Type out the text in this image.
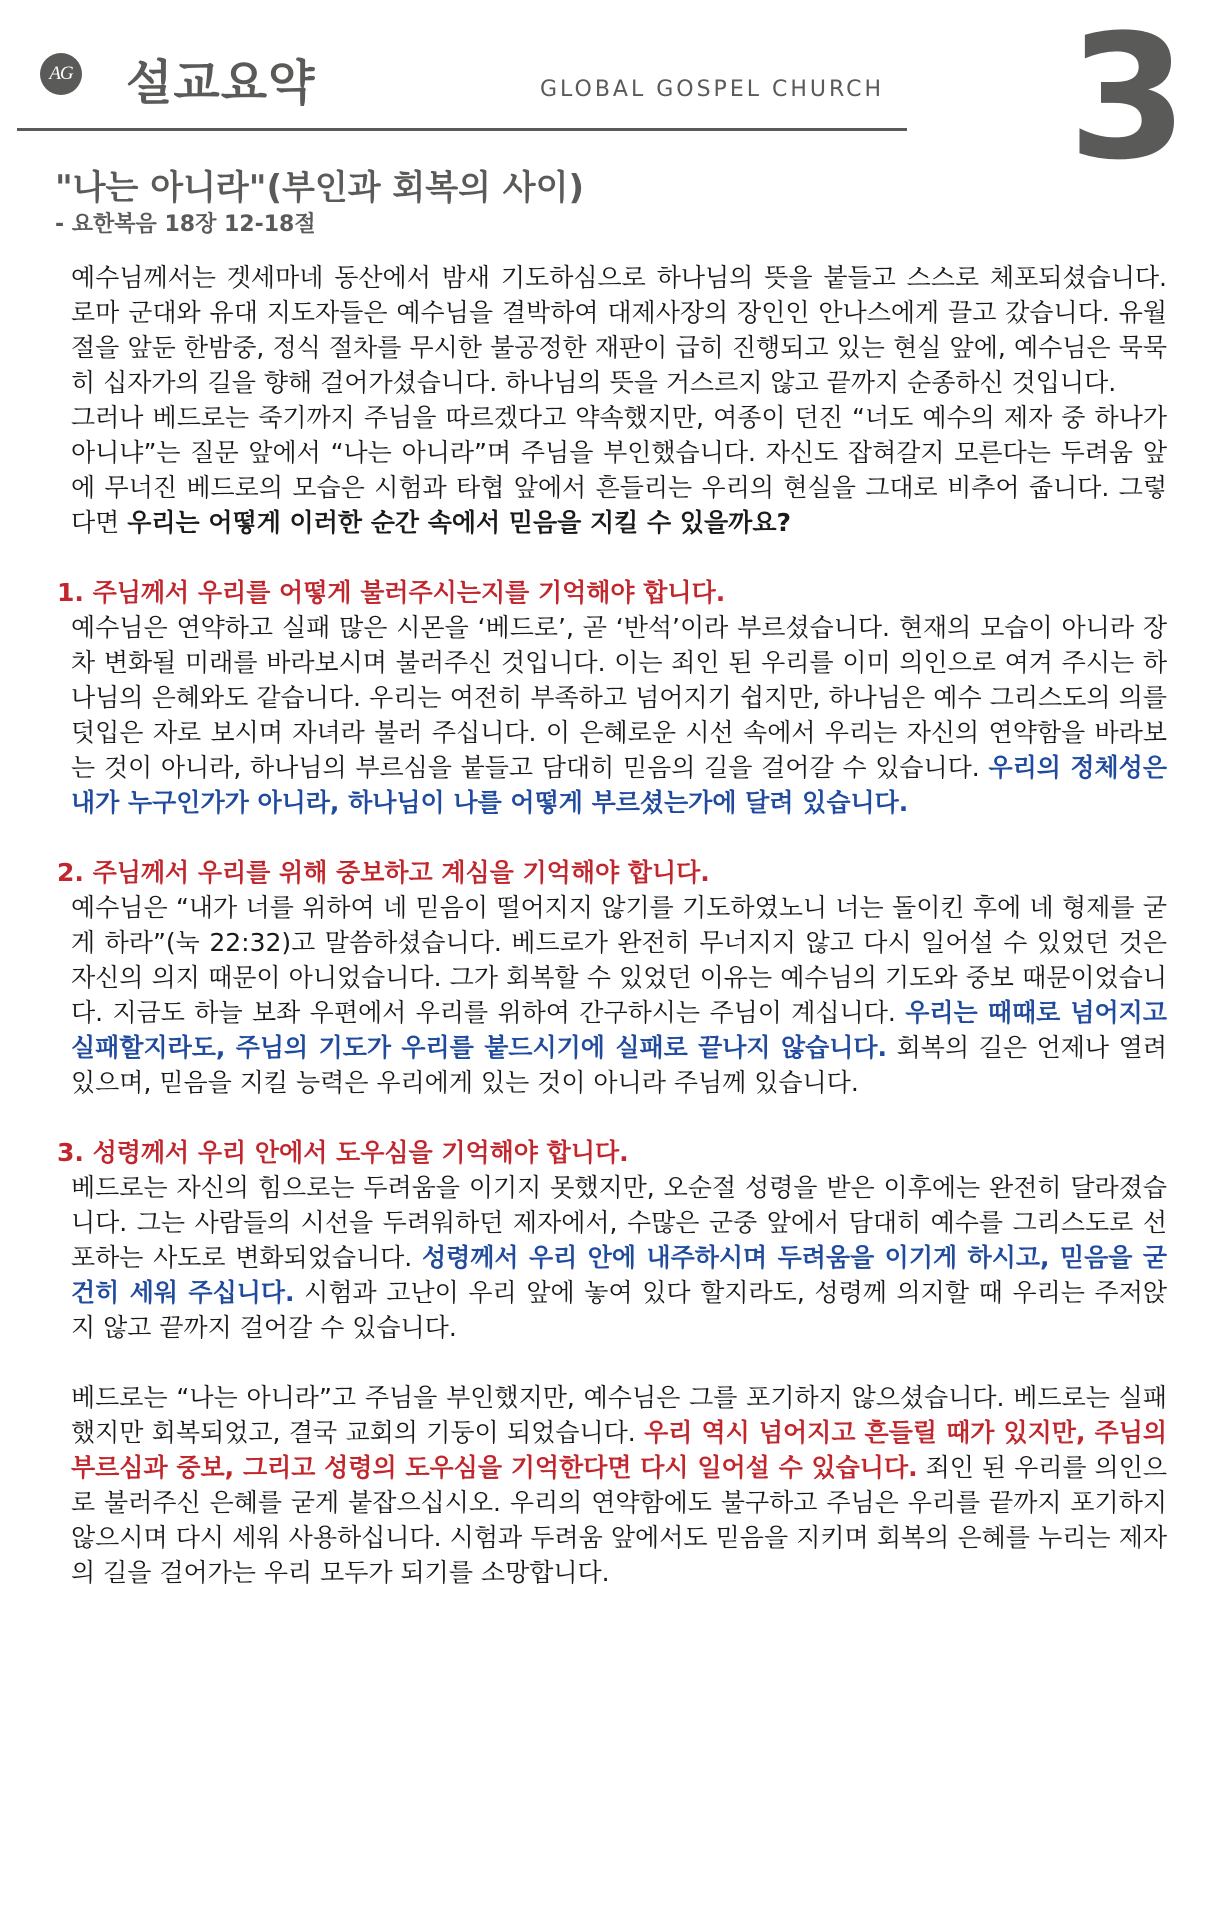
AG 설교요약	GLOBAL GOSPEL CHURCH 3
"나는 아니라"(부인과 회복의 사이)
- 요한복음 18장 12-18절

예수님께서는 겟세마네 동산에서 밤새 기도하심으로 하나님의 뜻을 붙들고 스스로 체포되셨습니다. 로마 군대와 유대 지도자들은 예수님을 결박하여 대제사장의 장인인 안나스에게 끌고 갔습니다. 유월절을 앞둔 한밤중, 정식 절차를 무시한 불공정한 재판이 급히 진행되고 있는 현실 앞에, 예수님은 묵묵히 십자가의 길을 향해 걸어가셨습니다. 하나님의 뜻을 거스르지 않고 끝까지 순종하신 것입니다.

그러나 베드로는 죽기까지 주님을 따르겠다고 약속했지만, 여종이 던진 “너도 예수의 제자 중 하나가 아니냐”는 질문 앞에서 “나는 아니라”며 주님을 부인했습니다. 자신도 잡혀갈지 모른다는 두려움 앞에 무너진 베드로의 모습은 시험과 타협 앞에서 흔들리는 우리의 현실을 그대로 비추어 줍니다. 그렇다면 우리는 어떻게 이러한 순간 속에서 믿음을 지킬 수 있을까요?

1. 주님께서 우리를 어떻게 불러주시는지를 기억해야 합니다.

예수님은 연약하고 실패 많은 시몬을 ‘베드로’, 곧 ‘반석’이라 부르셨습니다. 현재의 모습이 아니라 장차 변화될 미래를 바라보시며 불러주신 것입니다. 이는 죄인 된 우리를 이미 의인으로 여겨 주시는 하나님의 은혜와도 같습니다. 우리는 여전히 부족하고 넘어지기 쉽지만, 하나님은 예수 그리스도의 의를 덧입은 자로 보시며 자녀라 불러 주십니다. 이 은혜로운 시선 속에서 우리는 자신의 연약함을 바라보는 것이 아니라, 하나님의 부르심을 붙들고 담대히 믿음의 길을 걸어갈 수 있습니다. 우리의 정체성은 내가 누구인가가 아니라, 하나님이 나를 어떻게 부르셨는가에 달려 있습니다.

2. 주님께서 우리를 위해 중보하고 계심을 기억해야 합니다.

예수님은 “내가 너를 위하여 네 믿음이 떨어지지 않기를 기도하였노니 너는 돌이킨 후에 네 형제를 굳게 하라”(눅 22:32)고 말씀하셨습니다. 베드로가 완전히 무너지지 않고 다시 일어설 수 있었던 것은 자신의 의지 때문이 아니었습니다. 그가 회복할 수 있었던 이유는 예수님의 기도와 중보 때문이었습니다. 지금도 하늘 보좌 우편에서 우리를 위하여 간구하시는 주님이 계십니다. 우리는 때때로 넘어지고 실패할지라도, 주님의 기도가 우리를 붙드시기에 실패로 끝나지 않습니다. 회복의 길은 언제나 열려 있으며, 믿음을 지킬 능력은 우리에게 있는 것이 아니라 주님께 있습니다.

3. 성령께서 우리 안에서 도우심을 기억해야 합니다.

베드로는 자신의 힘으로는 두려움을 이기지 못했지만, 오순절 성령을 받은 이후에는 완전히 달라졌습니다. 그는 사람들의 시선을 두려워하던 제자에서, 수많은 군중 앞에서 담대히 예수를 그리스도로 선포하는 사도로 변화되었습니다. 성령께서 우리 안에 내주하시며 두려움을 이기게 하시고, 믿음을 굳건히 세워 주십니다. 시험과 고난이 우리 앞에 놓여 있다 할지라도, 성령께 의지할 때 우리는 주저앉지 않고 끝까지 걸어갈 수 있습니다.

베드로는 “나는 아니라”고 주님을 부인했지만, 예수님은 그를 포기하지 않으셨습니다. 베드로는 실패했지만 회복되었고, 결국 교회의 기둥이 되었습니다. 우리 역시 넘어지고 흔들릴 때가 있지만, 주님의 부르심과 중보, 그리고 성령의 도우심을 기억한다면 다시 일어설 수 있습니다. 죄인 된 우리를 의인으로 불러주신 은혜를 굳게 붙잡으십시오. 우리의 연약함에도 불구하고 주님은 우리를 끝까지 포기하지 않으시며 다시 세워 사용하십니다. 시험과 두려움 앞에서도 믿음을 지키며 회복의 은혜를 누리는 제자의 길을 걸어가는 우리 모두가 되기를 소망합니다.
